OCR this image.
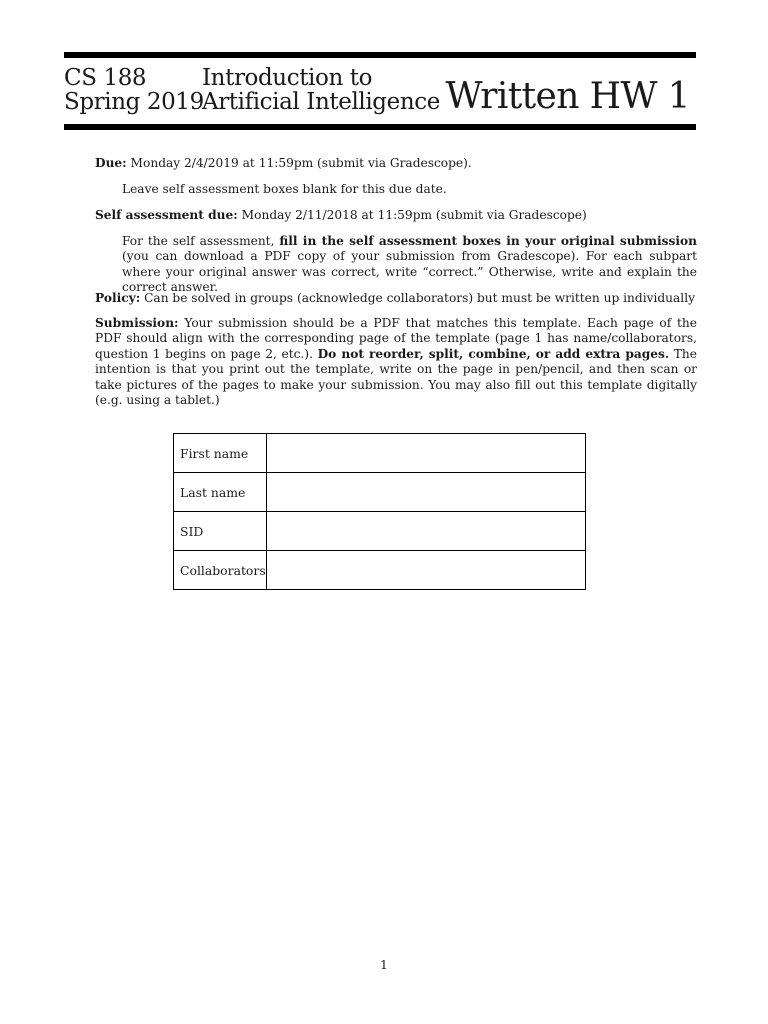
CS 188
Spring 2019
Introduction to
Artificial Intelligence Written HW 1
Due: Monday 2/4/2019 at 11:59pm (submit via Gradescope).
Leave self assessment boxes blank for this due date.
Self assessment due: Monday 2/11/2018 at 11:59pm (submit via Gradescope)
For the self assessment, fill in the self assessment boxes in your original submission (you can download a PDF copy of your submission from Gradescope). For each subpart where your original answer was correct, write “correct.” Otherwise, write and explain the correct answer.
Policy: Can be solved in groups (acknowledge collaborators) but must be written up individually
Submission: Your submission should be a PDF that matches this template. Each page of the PDF should align with the corresponding page of the template (page 1 has name/collaborators, question 1 begins on page 2, etc.). Do not reorder, split, combine, or add extra pages. The intention is that you print out the template, write on the page in pen/pencil, and then scan or take pictures of the pages to make your submission. You may also fill out this template digitally (e.g. using a tablet.)
First name	
Last name	
SID	
Collaborators	
1
